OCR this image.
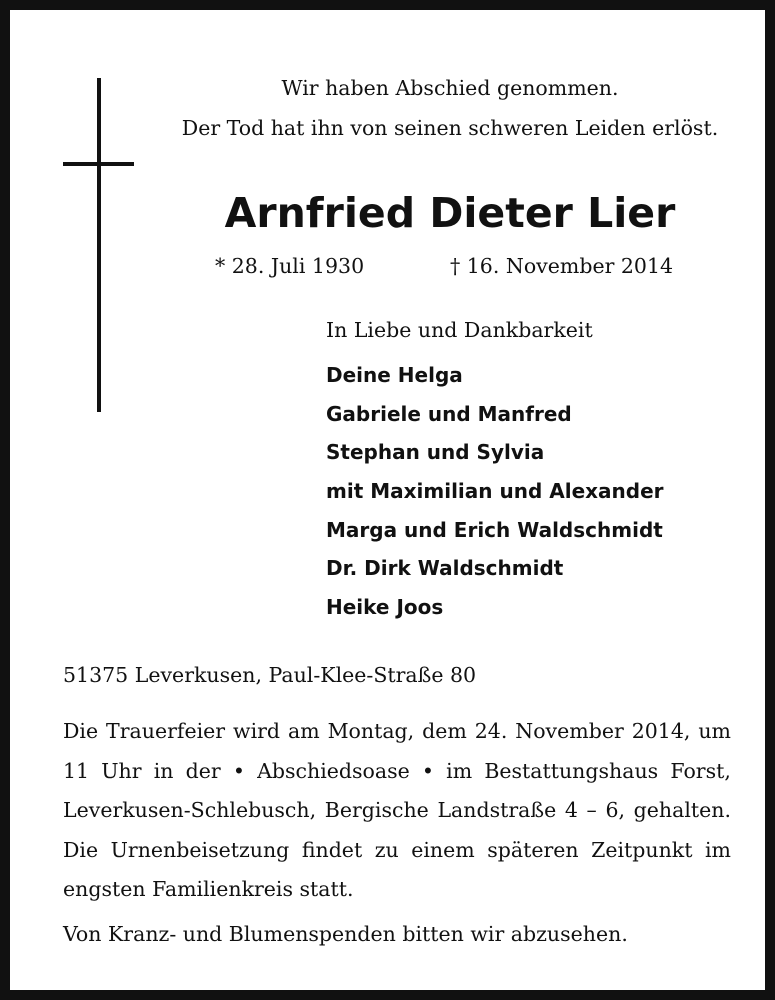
Wir haben Abschied genommen.
Der Tod hat ihn von seinen schweren Leiden erlöst.
Arnfried Dieter Lier
* 28. Juli 1930	† 16. November 2014
In Liebe und Dankbarkeit
Deine Helga
Gabriele und Manfred
Stephan und Sylvia
mit Maximilian und Alexander
Marga und Erich Waldschmidt
Dr. Dirk Waldschmidt
Heike Joos
51375 Leverkusen, Paul-Klee-Straße 80
Die Trauerfeier wird am Montag, dem 24. November 2014, um
11 Uhr in der • Abschiedsoase • im Bestattungshaus Forst,
Leverkusen-Schlebusch, Bergische Landstraße 4 – 6, gehalten.
Die Urnenbeisetzung findet zu einem späteren Zeitpunkt im
engsten Familienkreis statt.
Von Kranz- und Blumenspenden bitten wir abzusehen.
